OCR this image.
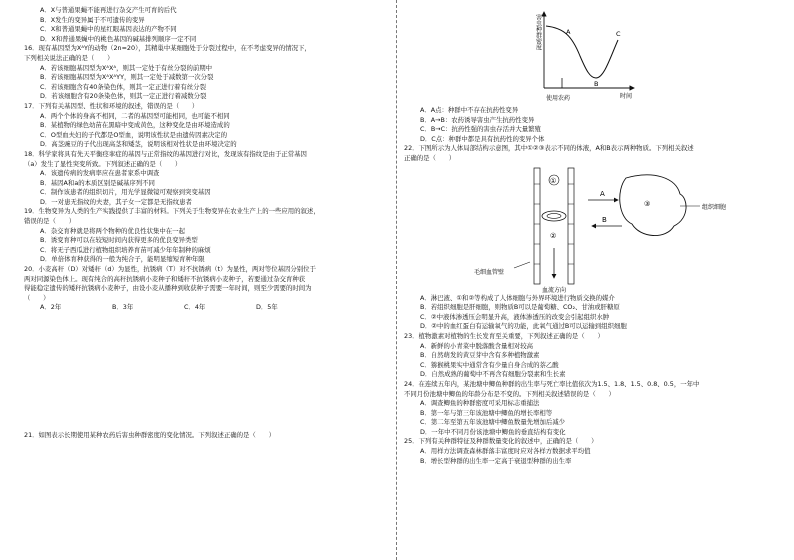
A．X与普通果蝇不能再进行杂交产生可育的后代
B．X发生的变异属于不可遗传的变异
C．X和普通果蝇中的星红眼基因表达的产物不同
D．X和普通果蝇中的桃色基因的碱基排列顺序一定不同
16．现有基因型为XᴬY的动物（2n=20），其精巢中某细胞处于分裂过程中，在不考虑变异的情况下，
下列相关说法正确的是（　　）
A．若该细胞基因型为XᴬXᴬ，则其一定处于有丝分裂的前期中
B．若该细胞基因型为XᴬXᴬYY，则其一定处于减数第一次分裂
C．若该细胞含有40条染色体，则其一定正进行着有丝分裂
D．若该细胞含有20条染色体，则其一定正进行着减数分裂
17．下列有关基因型、性状和环境的叙述，错误的是（　　）
A．两个个体的身高不相同，二者的基因型可能相同，也可能不相同
B．某植物的绿色幼苗在黑暗中变成黄色，这种变化是由环境造成的
C．O型血夫妇的子代都是O型血，说明该性状是由遗传因素决定的
D．高茎豌豆的子代出现高茎和矮茎，说明该相对性状是由环境决定的
18．科学家将具有先天平衡痉挛症的基因与正常指纹的基因进行对比，发现该有指纹是由于正常基因
（a）发生了显性突变所致。下列叙述正确的是（　　）
A．该遗传病的发病率应在患者家系中调查
B．基因A和a的本质区别是碱基序列不同
C．制作该患者的组织切片，用光学显微镜可观察到突变基因
D．一对患无指纹的夫妻，其子女一定都是无指纹患者
19．生物变异为人类的生产实践提供了丰富的材料。下列关于生物变异在农业生产上的一些应用的叙述，
错误的是（　　）
A．杂交育种就是将两个物种的优良性状集中在一起
B．诱变育种可以在较短时间内获得更多的优良变异类型
C．将无子西瓜进行植物组织培养育苗可减少年年制种的麻烦
D．单倍体育种获得的一般为纯合子，能明显缩短育种年限
20．小麦高秆（D）对矮秆（d）为显性，抗锈病（T）对不抗锈病（t）为显性，两对等位基因分别位于
两对同源染色体上。现有纯合的高秆抗锈病小麦种子和矮秆不抗锈病小麦种子，若要通过杂交育种获
得能稳定遗传的矮秆抗锈病小麦种子，由设小麦从播种到收获种子需要一年时间，则至少需要的时间为
（　　）
A．2年	B．3年	C．4年	D．5年
21．如图表示长期使用某种农药后害虫种群密度的变化情况。下列叙述正确的是（　　）
害虫种群密度
时间
A
B
C
使用农药
A．A点：种群中不存在抗药性变异
B．A→B：农药诱导害虫产生抗药性变异
C．B→C：抗药性强的害虫存活并大量繁殖
D．C点：种群中都是具有抗药性的变异个体
22．下图所示为人体局部结构示意图，其中①②③表示不同的体液，A和B表示两种物质。下列相关叙述
正确的是（　　）
①
②
A
B
③	组织细胞
毛细血管壁
血流方向
A．淋巴液、①和②等构成了人体细胞与外界环境进行物质交换的媒介
B．若组织细胞是肝细胞，则物质B可以是葡萄糖、CO₂、甘油或肝糖原
C．②中液体渗透压会明显升高，液体渗透压的改变会引起组织水肿
D．②中的血红蛋白有运输氧气的功能，此氧气通过B可以运输到组织细胞
23．植物激素对植物的生长发育至关重要，下列叙述正确的是（　　）
A．新鲜的小青菜中脱落酸含量相对较高
B．自然萌发的黄豆芽中含有多种植物激素
C．猕猴桃果实中通常含有少量自身合成的萘乙酸
D．自然成熟的葡萄中不再含有细胞分裂素和生长素
24．在连续五年内，某池塘中鲫鱼种群的出生率与死亡率比值依次为1.5、1.8、1.5、0.8、0.5，一年中
不同月份池塘中鲫鱼的年龄分布是不变的。下列相关叙述错误的是（　　）
A．调查鲫鱼的种群密度可采用标志重捕法
B．第一年与第三年该池塘中鲫鱼的增长率相等
C．第二年至第五年该池塘中鲫鱼数量先增加后减少
D．一年中不同月份该池塘中鲫鱼的垂直结构有变化
25．下列有关种群特征及种群数量变化的叙述中，正确的是（　　）
A．用样方法调查森林群落丰富度时应对各样方数据求平均值
B．增长型种群的出生率一定高于衰退型种群的出生率
